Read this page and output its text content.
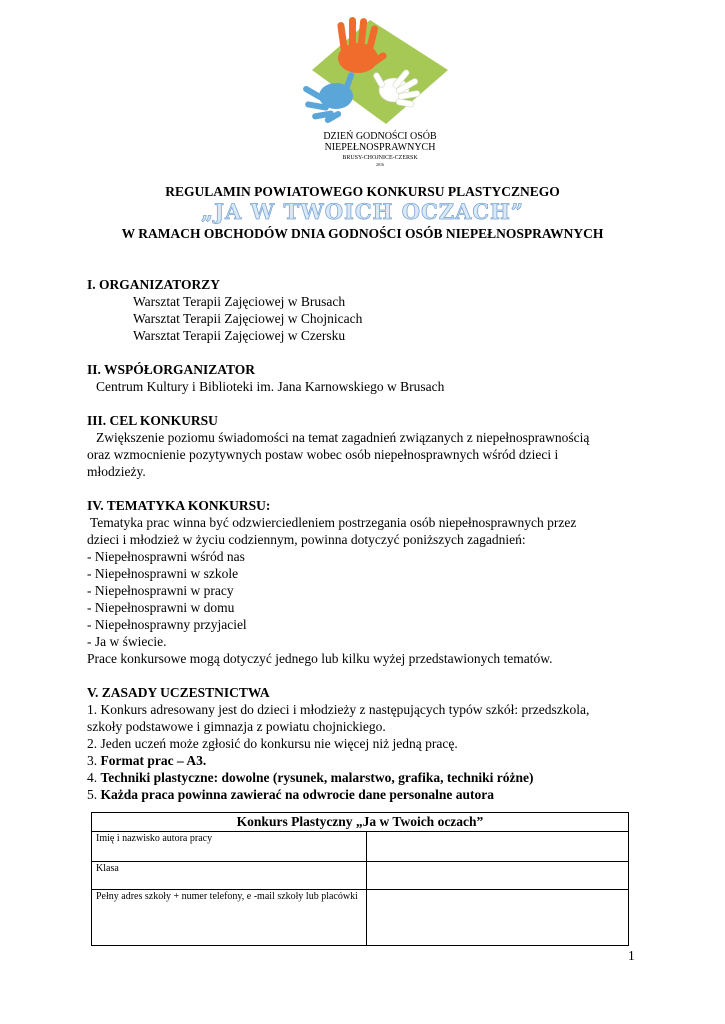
DZIEŃ GODNOŚCI OSÓB
NIEPEŁNOSPRAWNYCH
BRUSY-CHOJNICE-CZERSK
2016
REGULAMIN POWIATOWEGO KONKURSU PLASTYCZNEGO
„JA W TWOICH OCZACH”
W RAMACH OBCHODÓW DNIA GODNOŚCI OSÓB NIEPEŁNOSPRAWNYCH
I. ORGANIZATORZY
Warsztat Terapii Zajęciowej w Brusach
Warsztat Terapii Zajęciowej w Chojnicach
Warsztat Terapii Zajęciowej w Czersku
II. WSPÓŁORGANIZATOR
Centrum Kultury i Biblioteki im. Jana Karnowskiego w Brusach
III. CEL KONKURSU
Zwiększenie poziomu świadomości na temat zagadnień związanych z niepełnosprawnością
oraz wzmocnienie pozytywnych postaw wobec osób niepełnosprawnych wśród dzieci i
młodzieży.
IV. TEMATYKA KONKURSU:
Tematyka prac winna być odzwierciedleniem postrzegania osób niepełnosprawnych przez
dzieci i młodzież w życiu codziennym, powinna dotyczyć poniższych zagadnień:
- Niepełnosprawni wśród nas
- Niepełnosprawni w szkole
- Niepełnosprawni w pracy
- Niepełnosprawni w domu
- Niepełnosprawny przyjaciel
- Ja w świecie.
Prace konkursowe mogą dotyczyć jednego lub kilku wyżej przedstawionych tematów.
V. ZASADY UCZESTNICTWA
1. Konkurs adresowany jest do dzieci i młodzieży z następujących typów szkół: przedszkola,
szkoły podstawowe i gimnazja z powiatu chojnickiego.
2. Jeden uczeń może zgłosić do konkursu nie więcej niż jedną pracę.
3. Format prac – A3.
4. Techniki plastyczne: dowolne (rysunek, malarstwo, grafika, techniki różne)
5. Każda praca powinna zawierać na odwrocie dane personalne autora
Konkurs Plastyczny „Ja w Twoich oczach”	
Imię i nazwisko autora pracy	
Klasa	
Pełny adres szkoły + numer telefony, e -mail szkoły lub placówki	
1
